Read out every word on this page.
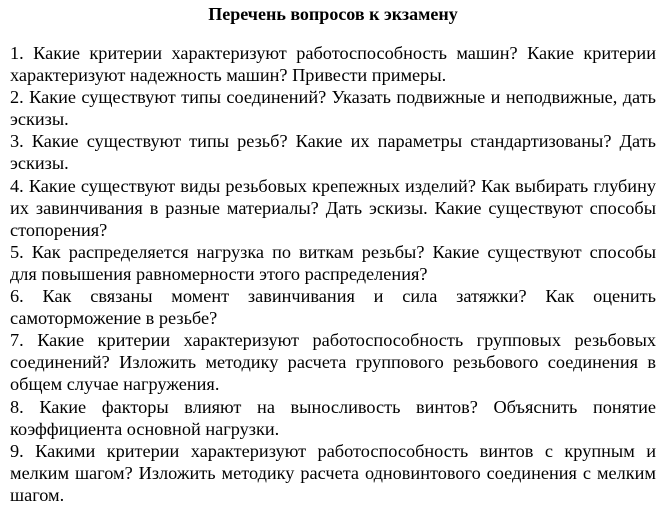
Перечень вопросов к экзамену

1. Какие критерии характеризуют работоспособность машин? Какие критерии характеризуют надежность машин? Привести примеры.

2. Какие существуют типы соединений? Указать подвижные и неподвижные, дать эскизы.

3. Какие существуют типы резьб? Какие их параметры стандартизованы? Дать эскизы.

4. Какие существуют виды резьбовых крепежных изделий? Как выбирать глубину их завинчивания в разные материалы? Дать эскизы. Какие существуют способы стопорения?

5. Как распределяется нагрузка по виткам резьбы? Какие существуют способы для повышения равномерности этого распределения?

6. Как связаны момент завинчивания и сила затяжки? Как оценить самоторможение в резьбе?

7. Какие критерии характеризуют работоспособность групповых резьбовых соединений? Изложить методику расчета группового резьбового соединения в общем случае нагружения.

8. Какие факторы влияют на выносливость винтов? Объяснить понятие коэффициента основной нагрузки.

9. Какими критерии характеризуют работоспособность винтов с крупным и мелким шагом? Изложить методику расчета одновинтового соединения с мелким шагом.
